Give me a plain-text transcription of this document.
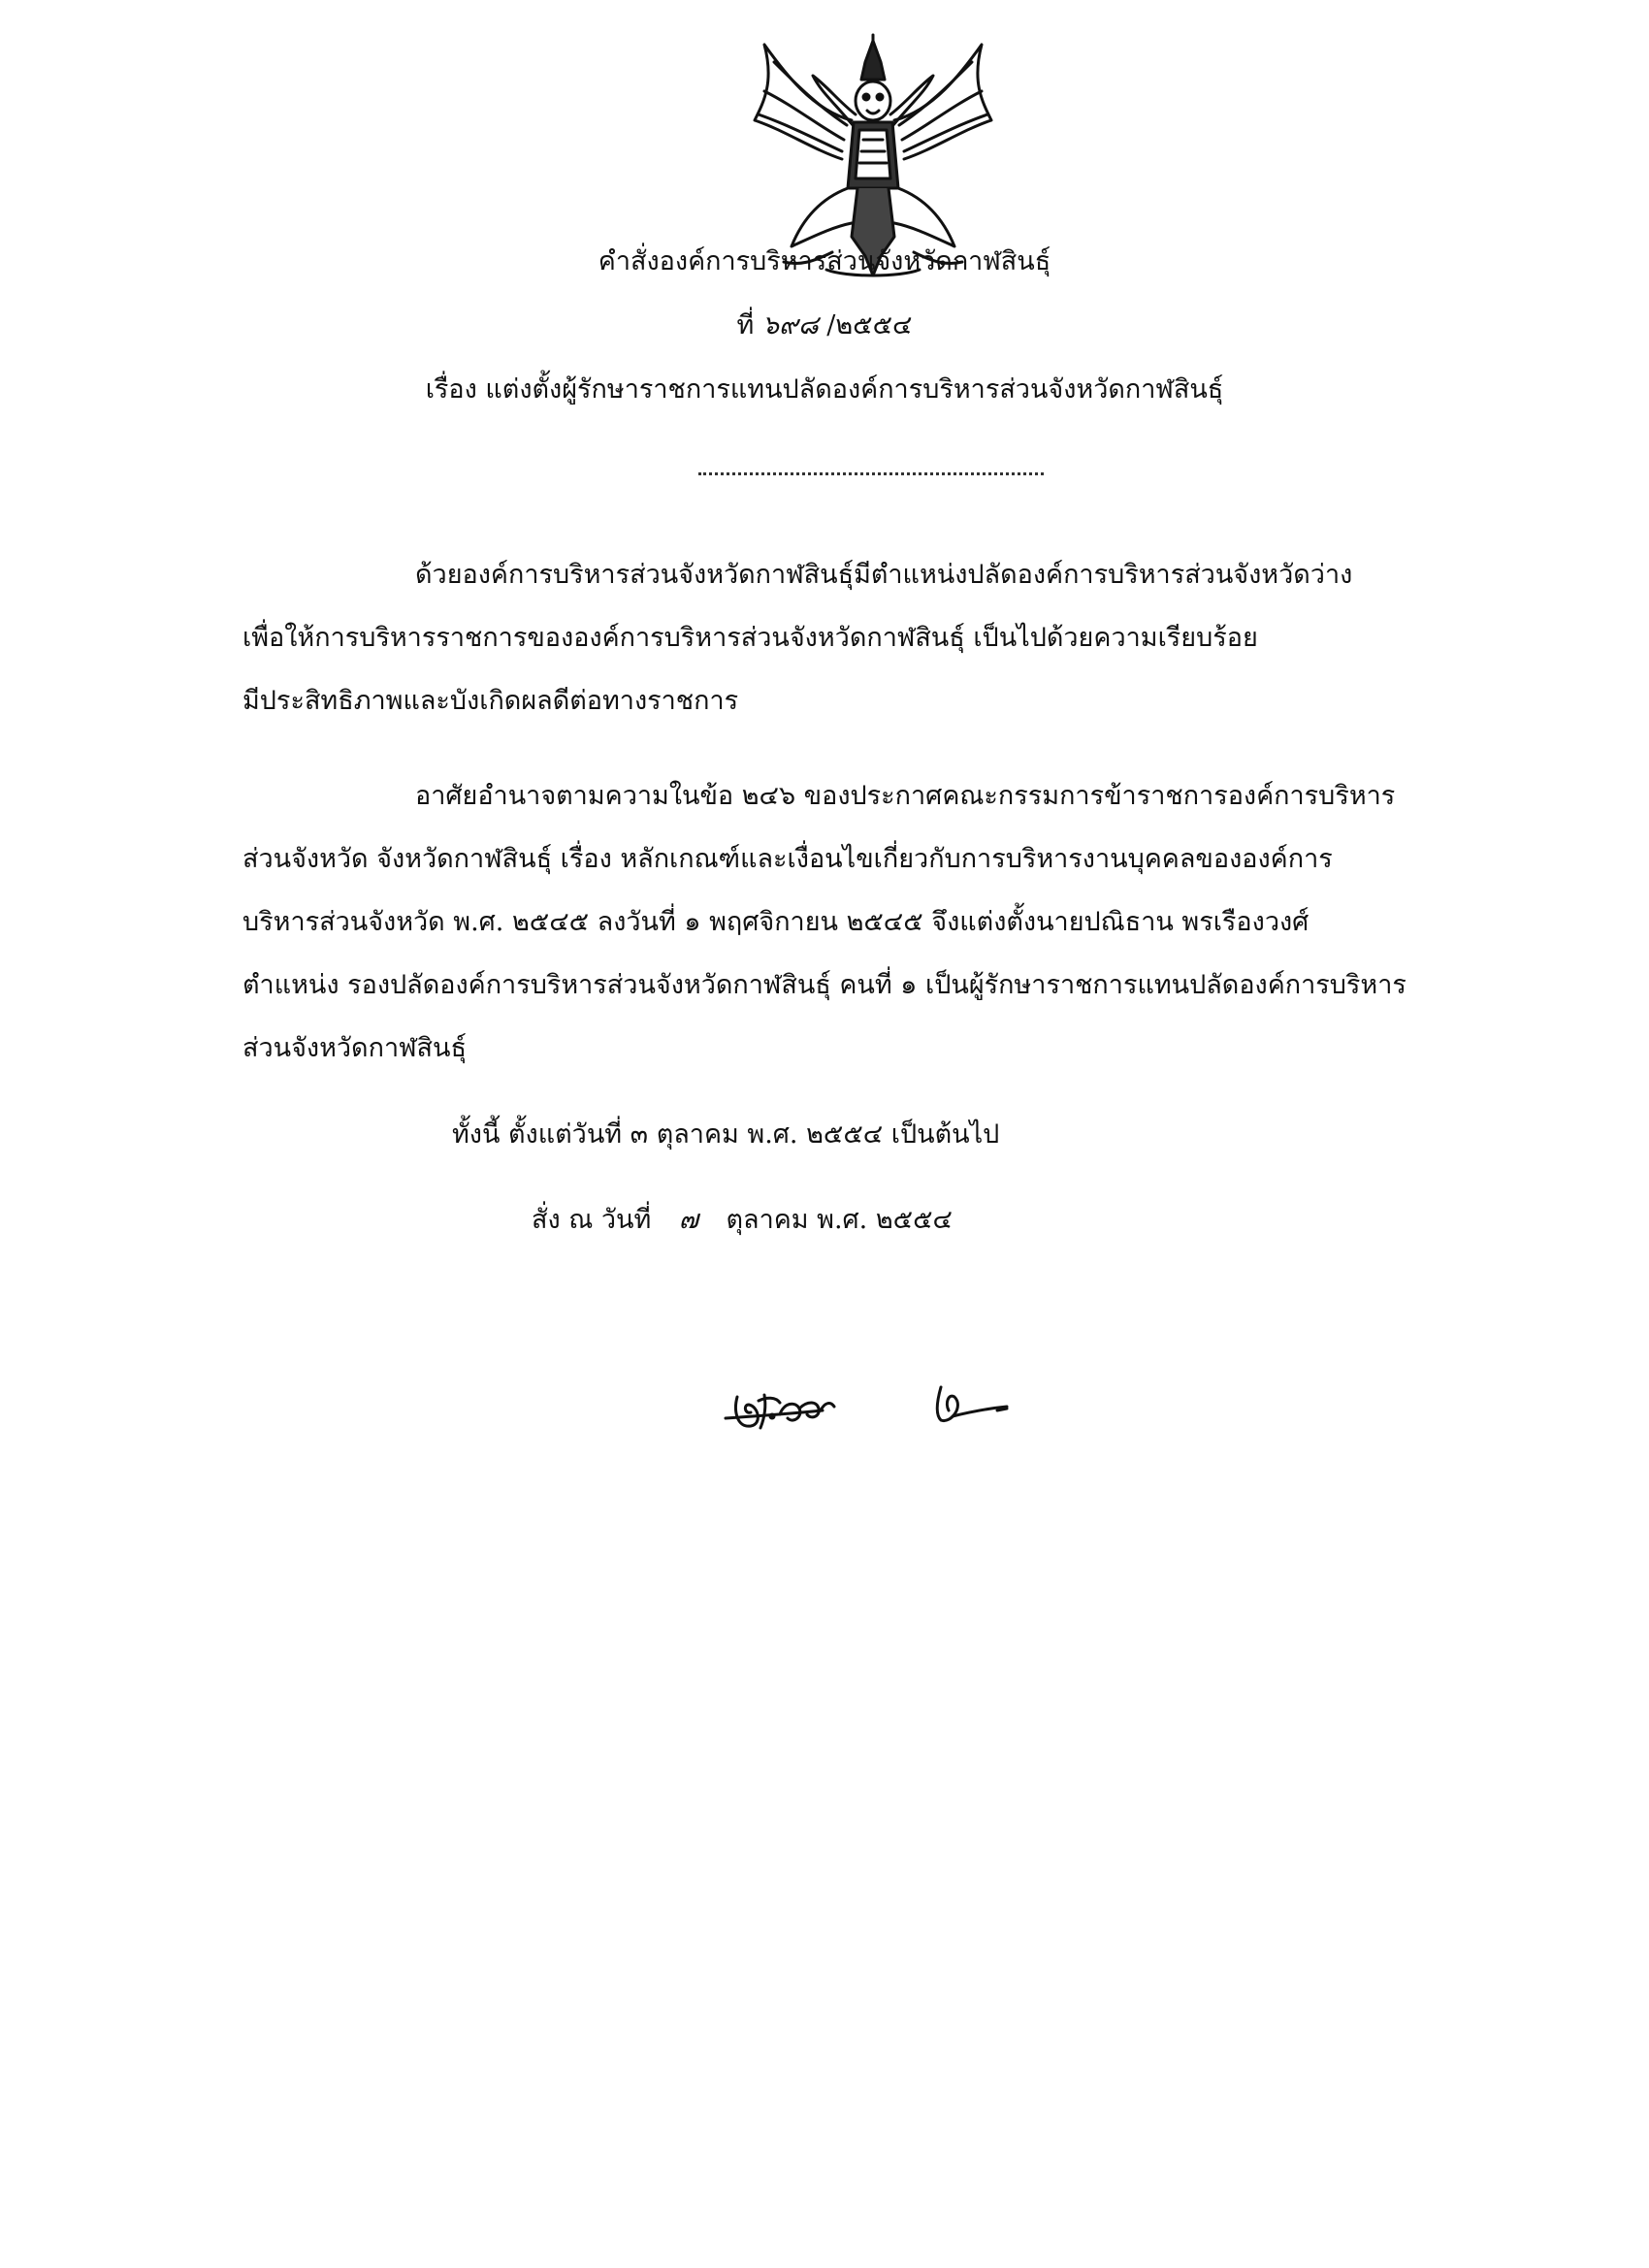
คำสั่งองค์การบริหารส่วนจังหวัดกาฬสินธุ์
ที่ ๖๙๘ /๒๕๕๔
เรื่อง แต่งตั้งผู้รักษาราชการแทนปลัดองค์การบริหารส่วนจังหวัดกาฬสินธุ์
ด้วยองค์การบริหารส่วนจังหวัดกาฬสินธุ์มีตำแหน่งปลัดองค์การบริหารส่วนจังหวัดว่าง
เพื่อให้การบริหารราชการขององค์การบริหารส่วนจังหวัดกาฬสินธุ์ เป็นไปด้วยความเรียบร้อย
มีประสิทธิภาพและบังเกิดผลดีต่อทางราชการ
อาศัยอำนาจตามความในข้อ ๒๔๖ ของประกาศคณะกรรมการข้าราชการองค์การบริหาร
ส่วนจังหวัด จังหวัดกาฬสินธุ์ เรื่อง หลักเกณฑ์และเงื่อนไขเกี่ยวกับการบริหารงานบุคคลขององค์การ
บริหารส่วนจังหวัด พ.ศ. ๒๕๔๕ ลงวันที่ ๑ พฤศจิกายน ๒๕๔๕ จึงแต่งตั้งนายปณิธาน พรเรืองวงศ์
ตำแหน่ง รองปลัดองค์การบริหารส่วนจังหวัดกาฬสินธุ์ คนที่ ๑ เป็นผู้รักษาราชการแทนปลัดองค์การบริหาร
ส่วนจังหวัดกาฬสินธุ์
ทั้งนี้ ตั้งแต่วันที่ ๓ ตุลาคม พ.ศ. ๒๕๕๔ เป็นต้นไป
สั่ง ณ วันที่ ๗ ตุลาคม พ.ศ. ๒๕๕๔
